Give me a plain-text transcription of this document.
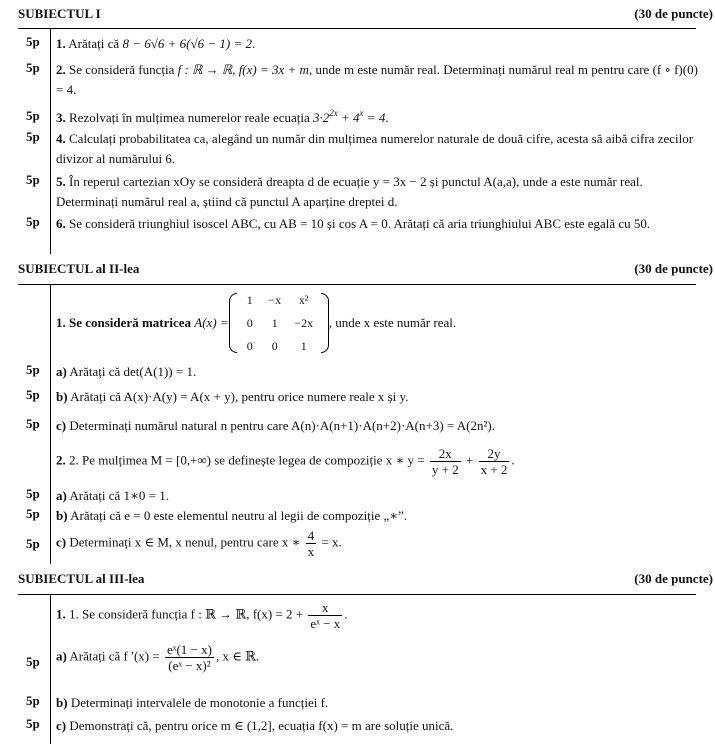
SUBIECTUL I	(30 de puncte)
5p 1. Arătați că 8 − 6√6 + 6(√6 − 1) = 2.
5p 2. Se consideră funcția f : ℝ → ℝ, f(x) = 3x + m, unde m este număr real. Determinați numărul real m pentru care (f ∘ f)(0) = 4.
5p 3. Rezolvați în mulțimea numerelor reale ecuația $3\cdot 2^{2x} + 4^x = 4$.
5p 4. Calculați probabilitatea ca, alegând un număr din mulțimea numerelor naturale de două cifre, acesta să aibă cifra zecilor divizor al numărului 6.
5p 5. În reperul cartezian xOy se consideră dreapta d de ecuație y = 3x − 2 și punctul A(a,a), unde a este număr real. Determinați numărul real a, știind că punctul A aparține dreptei d.
5p 6. Se consideră triunghiul isoscel ABC, cu AB = 10 și cos A = 0. Arătați că aria triunghiului ABC este egală cu 50.
SUBIECTUL al II-lea	(30 de puncte)
1. Se consideră matricea
A(x) =
1	−x	x²
0	1	−2x
0	0	1
, unde x este număr real.
5p a) Arătați că det(A(1)) = 1.
5p b) Arătați că A(x)·A(y) = A(x + y), pentru orice numere reale x și y.
5p c) Determinați numărul natural n pentru care A(n)·A(n+1)·A(n+2)·A(n+3) = A(2n²).
2. 2. Pe mulțimea M = [0,+∞) se definește legea de compoziție x ∗ $y = \frac{2x}{y + 2} + \frac{2y}{x + 2}$ .
5p a) Arătați că 1∗0 = 1.
5p b) Arătați că e = 0 este elementul neutru al legii de compoziție „∗”.
5p c) Determinați x ∈ M, x nenul, pentru care x ∗ $\frac{4}{x} = x$.
SUBIECTUL al III-lea	(30 de puncte)
1. 1. Se consideră funcția f : ℝ → ℝ, $f(x) = 2 + \frac{x}{\text{eˣ − x}}$ .
5p a) Arătați că f $'(x) = \frac{\text{eˣ(1 − x)}}{\text{(eˣ − x)²}}$ , x ∈ ℝ.
5p b) Determinați intervalele de monotonie a funcției f.
5p c) Demonstrați că, pentru orice m ∈ (1,2], ecuația f(x) = m are soluție unică.
